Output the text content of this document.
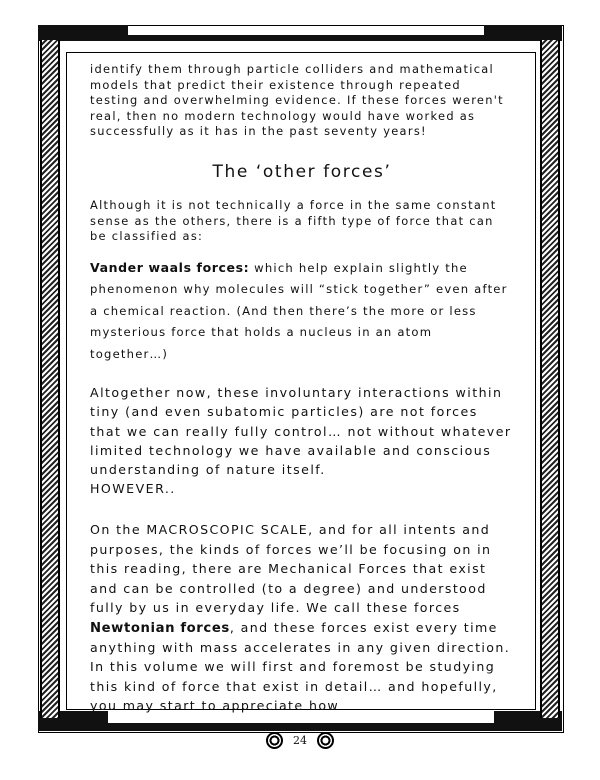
identify them through particle colliders and mathematical models that predict their existence through repeated testing and overwhelming evidence. If these forces weren't real, then no modern technology would have worked as successfully as it has in the past seventy years!

The ‘other forces’

Although it is not technically a force in the same constant sense as the others, there is a fifth type of force that can be classified as:

Vander waals forces: which help explain slightly the phenomenon why molecules will “stick together” even after a chemical reaction. (And then there’s the more or less mysterious force that holds a nucleus in an atom together…)

Altogether now, these involuntary interactions within tiny (and even subatomic particles) are not forces that we can really fully control… not without whatever limited technology we have available and conscious understanding of nature itself.
HOWEVER..

On the MACROSCOPIC SCALE, and for all intents and purposes, the kinds of forces we’ll be focusing on in this reading, there are Mechanical Forces that exist and can be controlled (to a degree) and understood fully by us in everyday life. We call these forces Newtonian forces, and these forces exist every time anything with mass accelerates in any given direction. In this volume we will first and foremost be studying this kind of force that exist in detail… and hopefully, you may start to appreciate how

24
